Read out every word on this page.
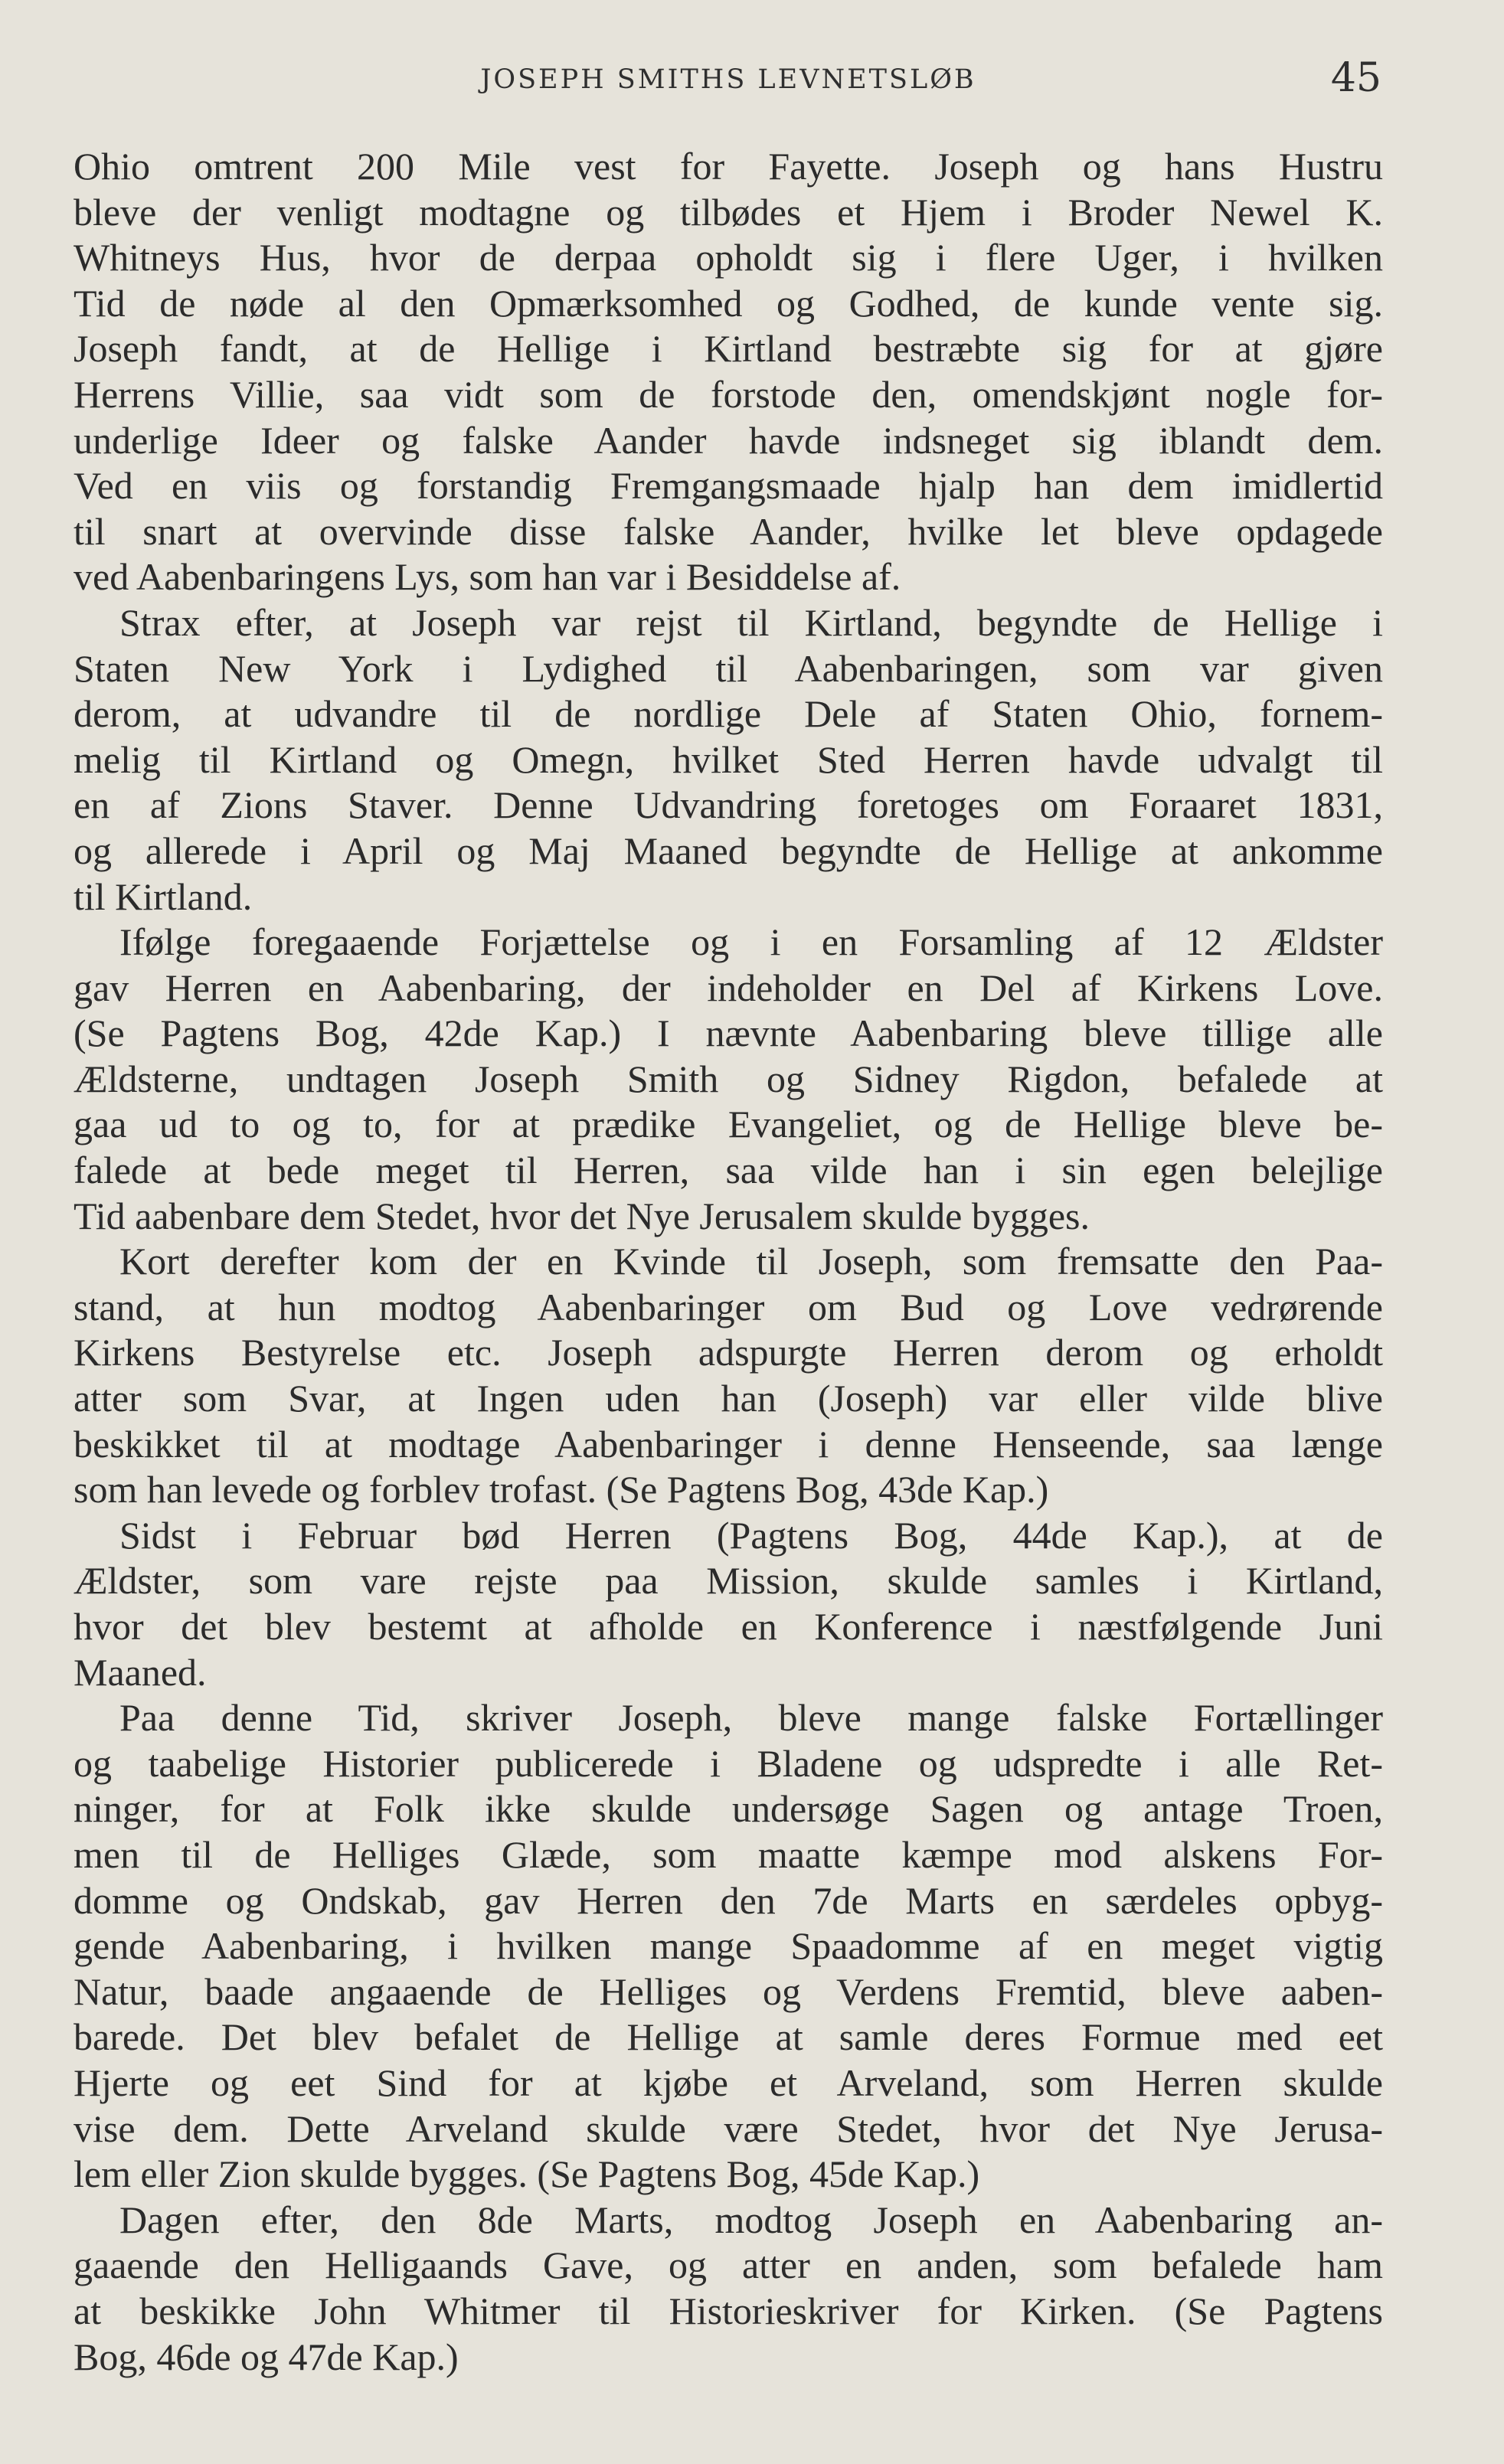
JOSEPH SMITHS LEVNETSLØB	45
Ohio omtrent 200 Mile vest for Fayette. Joseph og hans Hustru
bleve der venligt modtagne og tilbødes et Hjem i Broder Newel K.
Whitneys Hus, hvor de derpaa opholdt sig i flere Uger, i hvilken
Tid de nøde al den Opmærksomhed og Godhed, de kunde vente sig.
Joseph fandt, at de Hellige i Kirtland bestræbte sig for at gjøre
Herrens Villie, saa vidt som de forstode den, omendskjønt nogle for-
underlige Ideer og falske Aander havde indsneget sig iblandt dem.
Ved en viis og forstandig Fremgangsmaade hjalp han dem imidlertid
til snart at overvinde disse falske Aander, hvilke let bleve opdagede
ved Aabenbaringens Lys, som han var i Besiddelse af.
Strax efter, at Joseph var rejst til Kirtland, begyndte de Hellige i
Staten New York i Lydighed til Aabenbaringen, som var given
derom, at udvandre til de nordlige Dele af Staten Ohio, fornem-
melig til Kirtland og Omegn, hvilket Sted Herren havde udvalgt til
en af Zions Staver. Denne Udvandring foretoges om Foraaret 1831,
og allerede i April og Maj Maaned begyndte de Hellige at ankomme
til Kirtland.
Ifølge foregaaende Forjættelse og i en Forsamling af 12 Ældster
gav Herren en Aabenbaring, der indeholder en Del af Kirkens Love.
(Se Pagtens Bog, 42de Kap.) I nævnte Aabenbaring bleve tillige alle
Ældsterne, undtagen Joseph Smith og Sidney Rigdon, befalede at
gaa ud to og to, for at prædike Evangeliet, og de Hellige bleve be-
falede at bede meget til Herren, saa vilde han i sin egen belejlige
Tid aabenbare dem Stedet, hvor det Nye Jerusalem skulde bygges.
Kort derefter kom der en Kvinde til Joseph, som fremsatte den Paa-
stand, at hun modtog Aabenbaringer om Bud og Love vedrørende
Kirkens Bestyrelse etc. Joseph adspurgte Herren derom og erholdt
atter som Svar, at Ingen uden han (Joseph) var eller vilde blive
beskikket til at modtage Aabenbaringer i denne Henseende, saa længe
som han levede og forblev trofast. (Se Pagtens Bog, 43de Kap.)
Sidst i Februar bød Herren (Pagtens Bog, 44de Kap.), at de
Ældster, som vare rejste paa Mission, skulde samles i Kirtland,
hvor det blev bestemt at afholde en Konference i næstfølgende Juni
Maaned.
Paa denne Tid, skriver Joseph, bleve mange falske Fortællinger
og taabelige Historier publicerede i Bladene og udspredte i alle Ret-
ninger, for at Folk ikke skulde undersøge Sagen og antage Troen,
men til de Helliges Glæde, som maatte kæmpe mod alskens For-
domme og Ondskab, gav Herren den 7de Marts en særdeles opbyg-
gende Aabenbaring, i hvilken mange Spaadomme af en meget vigtig
Natur, baade angaaende de Helliges og Verdens Fremtid, bleve aaben-
barede. Det blev befalet de Hellige at samle deres Formue med eet
Hjerte og eet Sind for at kjøbe et Arveland, som Herren skulde
vise dem. Dette Arveland skulde være Stedet, hvor det Nye Jerusa-
lem eller Zion skulde bygges. (Se Pagtens Bog, 45de Kap.)
Dagen efter, den 8de Marts, modtog Joseph en Aabenbaring an-
gaaende den Helligaands Gave, og atter en anden, som befalede ham
at beskikke John Whitmer til Historieskriver for Kirken. (Se Pagtens
Bog, 46de og 47de Kap.)
